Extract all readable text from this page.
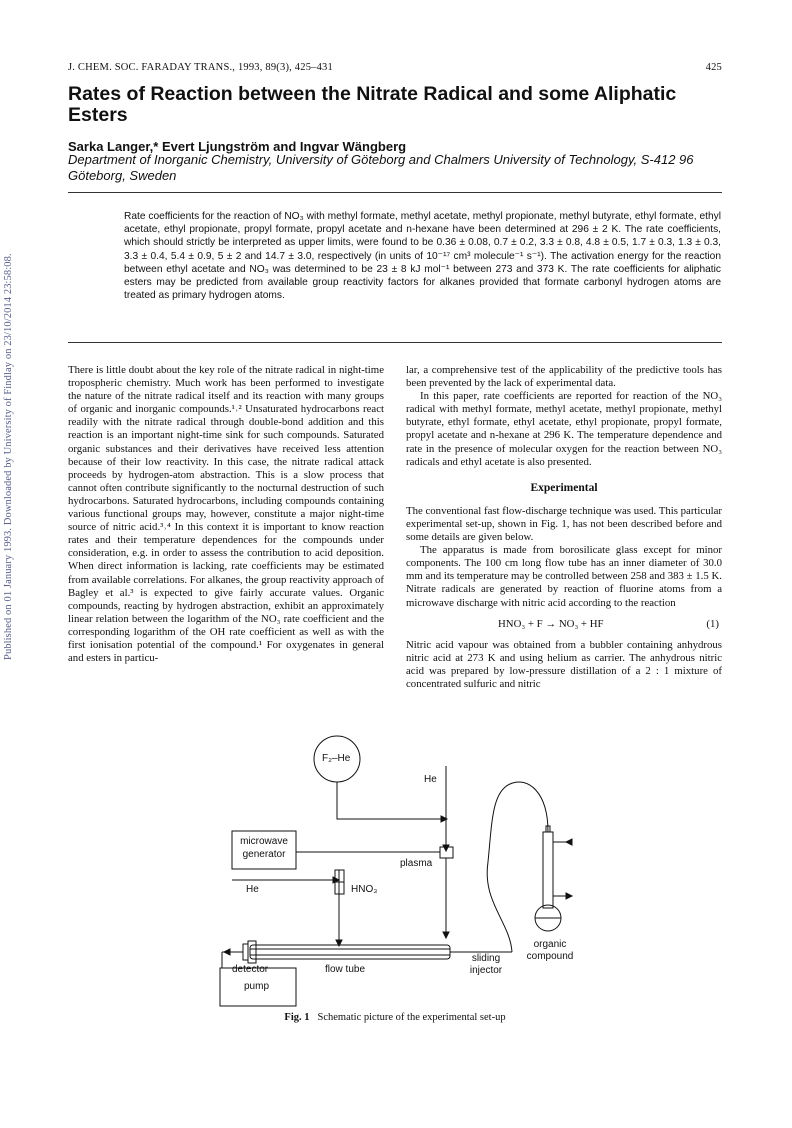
Published on 01 January 1993. Downloaded by University of Findlay on 23/10/2014 23:58:08.
J. CHEM. SOC. FARADAY TRANS., 1993, 89(3), 425–431	425
Rates of Reaction between the Nitrate Radical and some Aliphatic Esters
Sarka Langer,* Evert Ljungström and Ingvar Wängberg
Department of Inorganic Chemistry, University of Göteborg and Chalmers University of Technology, S-412 96 Göteborg, Sweden

Rate coefficients for the reaction of NO₃ with methyl formate, methyl acetate, methyl propionate, methyl butyrate, ethyl formate, ethyl acetate, ethyl propionate, propyl formate, propyl acetate and n-hexane have been determined at 296 ± 2 K. The rate coefficients, which should strictly be interpreted as upper limits, were found to be 0.36 ± 0.08, 0.7 ± 0.2, 3.3 ± 0.8, 4.8 ± 0.5, 1.7 ± 0.3, 1.3 ± 0.3, 3.3 ± 0.4, 5.4 ± 0.9, 5 ± 2 and 14.7 ± 3.0, respectively (in units of 10⁻¹⁷ cm³ molecule⁻¹ s⁻¹). The activation energy for the reaction between ethyl acetate and NO₃ was determined to be 23 ± 8 kJ mol⁻¹ between 273 and 373 K. The rate coefficients for aliphatic esters may be predicted from available group reactivity factors for alkanes provided that formate carbonyl hydrogen atoms are treated as primary hydrogen atoms.

There is little doubt about the key role of the nitrate radical in night-time tropospheric chemistry. Much work has been performed to investigate the nature of the nitrate radical itself and its reaction with many groups of organic and inorganic compounds.¹˒² Unsaturated hydrocarbons react readily with the nitrate radical through double-bond addition and this reaction is an important night-time sink for such compounds. Saturated organic substances and their derivatives have received less attention because of their low reactivity. In this case, the nitrate radical attack proceeds by hydrogen-atom abstraction. This is a slow process that cannot often contribute significantly to the nocturnal destruction of such hydrocarbons. Saturated hydrocarbons, including compounds containing various functional groups may, however, constitute a major night-time source of nitric acid.³˒⁴ In this context it is important to know reaction rates and their temperature dependences for the compounds under consideration, e.g. in order to assess the contribution to acid deposition. When direct information is lacking, rate coefficients may be estimated from available correlations. For alkanes, the group reactivity approach of Bagley et al.³ is expected to give fairly accurate values. Organic compounds, reacting by hydrogen abstraction, exhibit an approximately linear relation between the logarithm of the NO₃ rate coefficient and the corresponding logarithm of the OH rate coefficient as well as with the first ionisation potential of the compound.¹ For oxygenates in general and esters in particu-

lar, a comprehensive test of the applicability of the predictive tools has been prevented by the lack of experimental data.

In this paper, rate coefficients are reported for reaction of the NO₃ radical with methyl formate, methyl acetate, methyl propionate, methyl butyrate, ethyl formate, ethyl acetate, ethyl propionate, propyl formate, propyl acetate and n-hexane at 296 K. The temperature dependence and rate in the presence of molecular oxygen for the reaction between NO₃ radicals and ethyl acetate is also presented.

Experimental

The conventional fast flow-discharge technique was used. This particular experimental set-up, shown in Fig. 1, has not been described before and some details are given below.

The apparatus is made from borosilicate glass except for minor components. The 100 cm long flow tube has an inner diameter of 30.0 mm and its temperature may be controlled between 258 and 383 ± 1.5 K. Nitrate radicals are generated by reaction of fluorine atoms from a microwave discharge with nitric acid according to the reaction

HNO₃ + F → NO₃ + HF	(1)

Nitric acid vapour was obtained from a bubbler containing anhydrous nitric acid at 273 K and using helium as carrier. The anhydrous nitric acid was prepared by low-pressure distillation of a 2 : 1 mixture of concentrated sulfuric and nitric

F₂–He
He
microwave
generator
plasma
He	HNO₃
detector	flow tube
sliding
injector
organic
compound
pump
Fig. 1 Schematic picture of the experimental set-up
